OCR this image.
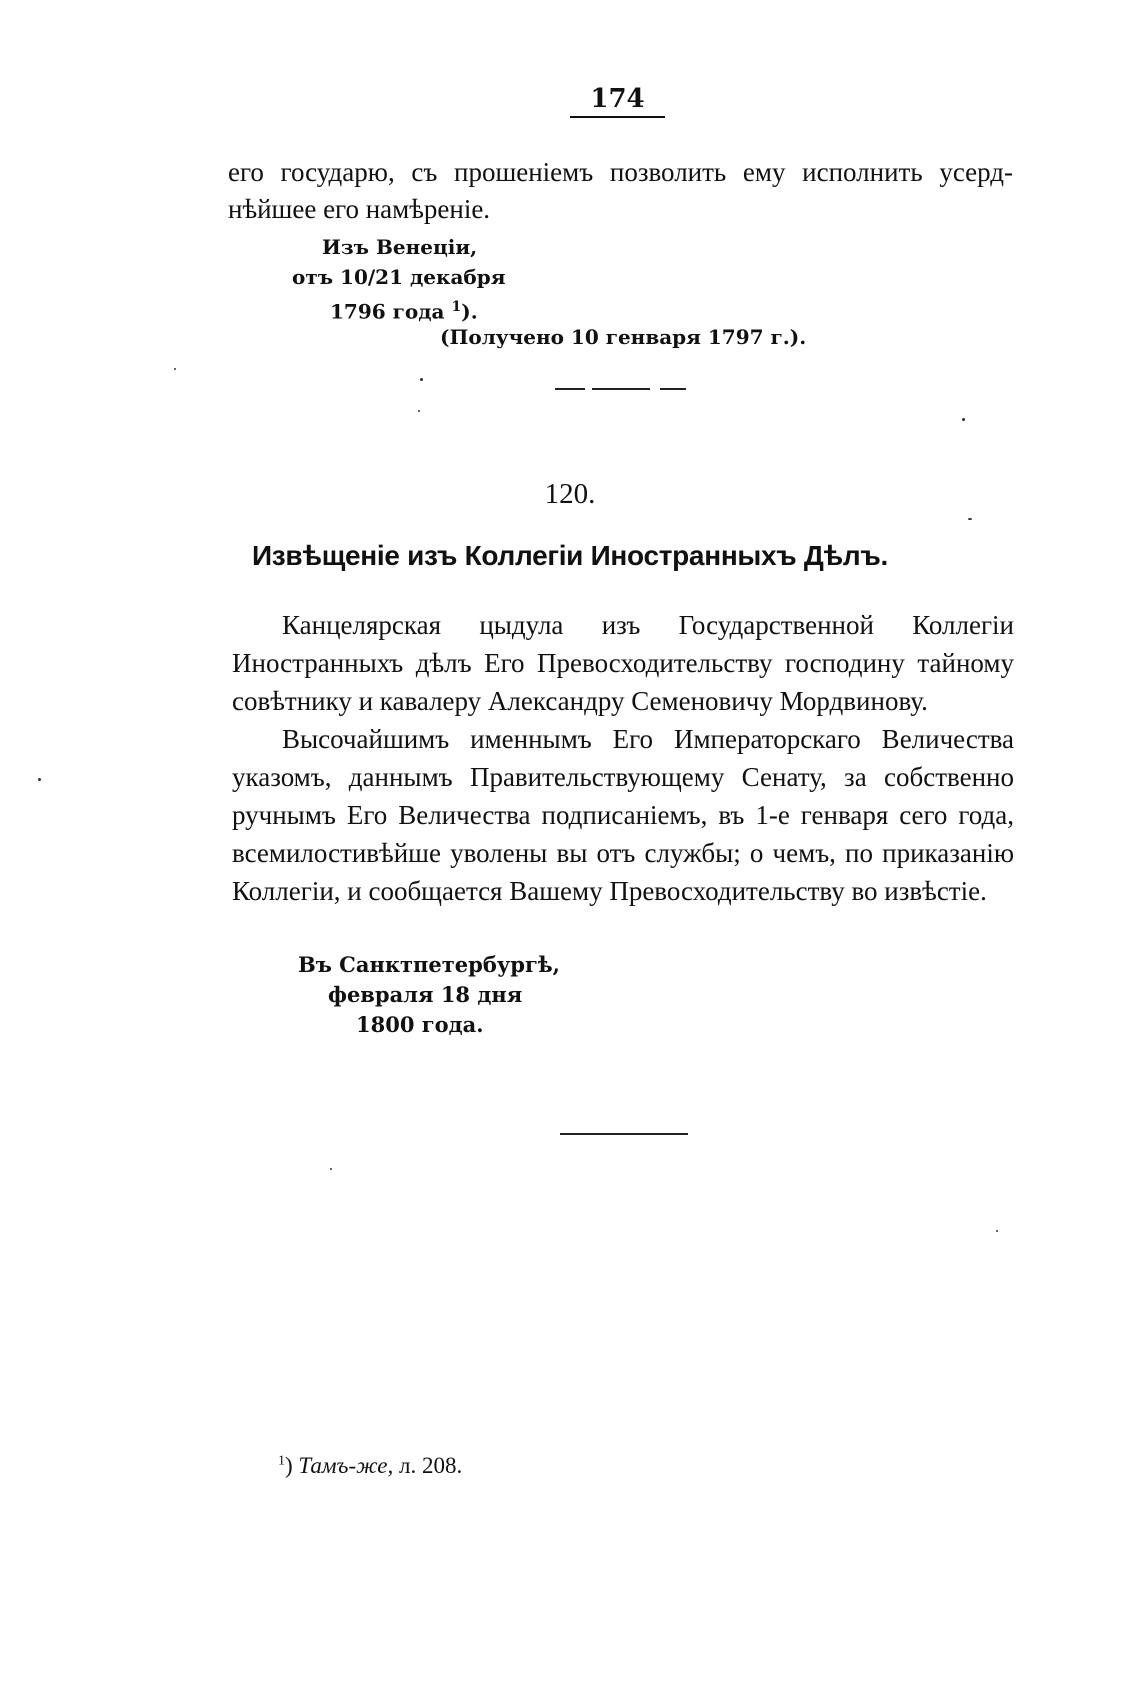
174
его государю, съ прошеніемъ позволить ему исполнить усерд-
нѣйшее его намѣреніе.
Изъ Венеціи,
отъ 10/21 декабря
1796 года $^1$).
(Получено 10 генваря 1797 г.).
120.
Извѣщеніе изъ Коллегіи Иностранныхъ Дѣлъ.

Канцелярская цыдула изъ Государственной Коллегіи Иностранныхъ дѣлъ Его Превосходительству господину тайному совѣтнику и кавалеру Александру Семеновичу Мордвинову.

Высочайшимъ именнымъ Его Императорскаго Величества указомъ, даннымъ Правительствующему Сенату, за собственно ручнымъ Его Величества подписаніемъ, въ 1-е генваря сего года, всемилостивѣйше уволены вы отъ службы; о чемъ, по приказанію Коллегіи, и сообщается Вашему Превосходительству во извѣстіе.

Въ Санктпетербургѣ,
февраля 18 дня
1800 года.
$^1$) Тамъ-же, л. 208.
